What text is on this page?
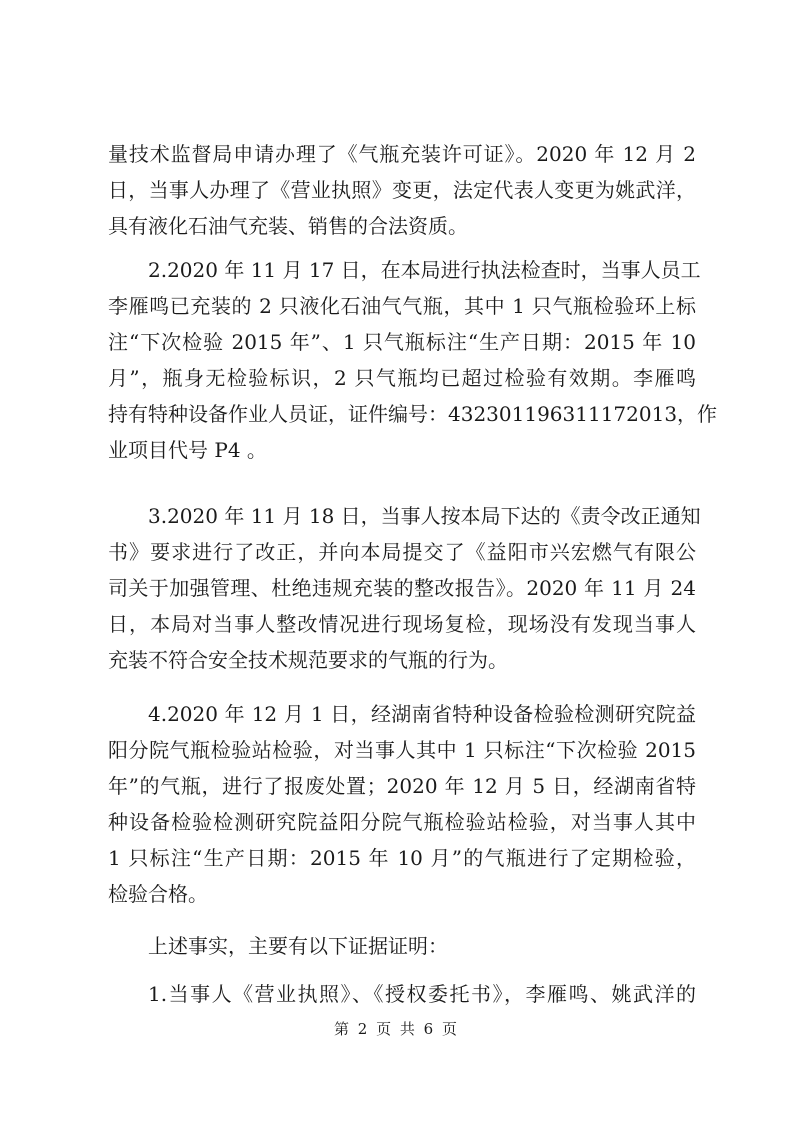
量技术监督局申请办理了《气瓶充装许可证》。2020 年 12 月 2
日，当事人办理了《营业执照》变更，法定代表人变更为姚武洋，
具有液化石油气充装、销售的合法资质。
2.2020 年 11 月 17 日，在本局进行执法检查时，当事人员工
李雁鸣已充装的 2 只液化石油气气瓶，其中 1 只气瓶检验环上标
注“下次检验 2015 年”、1 只气瓶标注“生产日期：2015 年 10
月”，瓶身无检验标识，2 只气瓶均已超过检验有效期。李雁鸣
持有特种设备作业人员证，证件编号：432301196311172013，作
业项目代号 P4 。
3.2020 年 11 月 18 日，当事人按本局下达的《责令改正通知
书》要求进行了改正，并向本局提交了《益阳市兴宏燃气有限公
司关于加强管理、杜绝违规充装的整改报告》。2020 年 11 月 24
日，本局对当事人整改情况进行现场复检，现场没有发现当事人
充装不符合安全技术规范要求的气瓶的行为。
4.2020 年 12 月 1 日，经湖南省特种设备检验检测研究院益
阳分院气瓶检验站检验，对当事人其中 1 只标注“下次检验 2015
年”的气瓶，进行了报废处置；2020 年 12 月 5 日，经湖南省特
种设备检验检测研究院益阳分院气瓶检验站检验，对当事人其中
1 只标注“生产日期：2015 年 10 月”的气瓶进行了定期检验，
检验合格。
上述事实，主要有以下证据证明：
1.当事人《营业执照》、《授权委托书》，李雁鸣、姚武洋的
第 2 页 共 6 页
